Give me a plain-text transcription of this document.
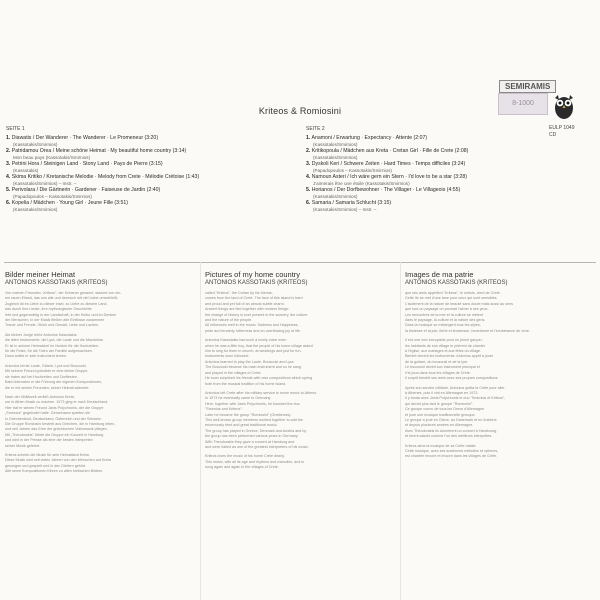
Kriteos & Romiosini
SEMIRAMIS
8-1000
EULP 1049
CD
SEITE 1
1. Diawatis / Der Wanderer · The Wanderer · Le Promeneur (3:20)
(Kassotakis/Smirnios)
2. Patridamou Orea / Meine schöne Heimat · My beautiful home country (3:14)
Mon beau pays (Kassotakis/Smirnios)
3. Petrini Hora / Steinigen Land · Stony Land · Pays de Pierre (3:15)
(Kassotakis)
4. Skima Kritiko / Kretanische Melodie · Melody from Crete · Mélodie Crétoise (1:43)
(Kassotakis/Smirnios) – Instr. –
5. Perivolara / Die Gärtnerin · Gardener · Faiseuse de Jardin (2:40)
(Papadopoulos – Kassotakis/Smirnios)
6. Kopelia / Mädchen · Young Girl · Jeune Fille (3:51)
(Kassotakis/Smirnios)
SEITE 2
1. Anamoni / Erwartung · Expectancy · Attente (2:07)
(Kassotakis/Smirnios)
2. Kritikopoula / Mädchen aus Kreta · Cretan Girl · Fille de Crete (2:08)
(Kassotakis/Smirnios)
3. Dyskoli Keri / Schwere Zeiten · Hard Times · Temps difficiles (3:24)
(Papadopoulos – Kassotakis/Smirnios)
4. Namoun Asteri / Ich wäre gern ein Stern · I'd love to be a star (3:28)
J'aimerais être une étoile (Kassotakis/Smirnios)
5. Horianos / Der Dorfbewohner · The Villager · Le Villageois (4:55)
(Kassotakis/Smirnios)
6. Samaria / Samaria Schlucht (3:15)
(Kassotakis/Smirnios) – Instr. –
Bilder meiner Heimat
ANTONIOS KASSOTAKIS (KRITEOS)
Von meinen Freunden „Kriteos", der Kretaner genannt, stammt von ein-
em rauen Eiland, das uns alle und dennoch mit viel Liebe umschließt.
Zugleich ist es Liebe zu dieser Insel, zu Liebe zu diesem Land,
das durch ihre Lieder, ihre mythologische Geschichte
lebt und gegenwärtig in der Landschaft, in der Kultur und im Denken
der Menschen, in der Musik fließen alle Einflüsse zusammen
Trauer und Freude, Glück und Gewalt, Liebe und Lachen.
Als kleiner Junge hörte Antonios Kassotakis
die alten Instrumente, die Lyra, die Laute und die Mandoline.
Er ist in seinem Heimatdorf im Norden für die Hochzeiten,
für die Feste, für die Toten der Familie aufgewachsen.
Dann wollte er sein Instrument lernen.
Antonios lernte Laute, Gitarre, Lyra und Bouzouki.
Mit seinem Freund gründete er eine kleine Gruppe,
sie traten auf bei Hochzeiten und Dorffesten.
Bald übernahm er die Führung der eigenen Kompositionen,
die er mit seinen Freunden, seiner Heimat widmete.
Nach der Militärzeit verließ Antonios Kreta,
um in Athen Musik zu machen. 1973 ging er nach Deutschland.
Hier traf er seinen Freund Janis Polychronis, der die Gruppe
„Smirnios" gegründet hatte. Gemeinsam spielten sie
in Griechenland, Deutschland, Österreich und der Schweiz.
Die Gruppe Romiosini besteht aus Griechen, die in Hamburg leben,
und seit Jahren das Erbe der griechischen Volksmusik pflegen.
Mit „Theodorakis" führte die Gruppe ein Konzert in Hamburg
und wird in der Presse als eine der besten Interpreten
seiner Musik gefeiert.
Kriteos schrieb die Musik für sein Heimatland Kreta.
Diese Musik wird seit vielen Jahren von den Menschen auf Kreta
gesungen und gespielt und in den Dörfern gehört.
Alle seine Kompositionen führen zu alten kretischen Bildern.
Pictures of my home country
ANTONIOS KASSOTAKIS (KRITEOS)
called "Kriteos", the Cretan by his friends,
comes from the land of Crete. The face of this island is hard
and proud and yet full of an almost subtle charm.
Ancient things are tied together with modern things:
the change of history is ever present in the scenery, the culture
and the nature of the people.
All influences melt in the music: Sadness and Happiness,
pride and tenderly, bitterness and an overflowing joy of life.
Antonios Kassotakis had such a lovely voice even
when he was a little boy, that the people of his home village asked
him to sing for them in church, at weddings and just for fun.
Instruments soon followed:
Antonios learned to play the Laute, Bouzouki and Lyra.
The Bouzouki became his main instrument and so he sang
and played in the villages of Crete.
He soon surprised his friends with own compositions which spring
both from the musical tradition of his home island.
Antonios left Crete after his military service to move music to Athens.
In 1973 he eventually came to Germany.
Here, together with Janis Polychronis, he founded the duo
"Smirnios and Kriteos".
Later he became the group "Romiosini" (Greekness).
This well-known group members worked together to add the
enormously tried and great traditional music.
The group has played in Greece, Denmark and Austria and by
the group has been performed various years in Germany.
With Theodorakis they gave a concert at Hamburg and
and were hailed as one of the greatest interpreters of his music.
Kriteos loves the music of his home Crete dearly.
This music, with all its age and rhythms and melodies, and is
sung again and again in the villages of Crete.
Images de ma patrie
ANTONIOS KASSOTAKIS (KRITEOS)
que ses amis appellent "Kriteos", le crétois, vient de Crète.
Cette île se met d'une âme pour ceux qui sont sensibles.
L'isolement de la nature de beauté sans doute mais aussi au sens
que tout un paysage on pourrait l'aimer à ses yeux.
Les rencontres de la mer et la culture se mêlent
dans le paysage, la culture et la nature des gens.
Dans la musique se mélangent tous les styles,
la tristesse et la joie, fierté et tendresse, l'amertume et l'exubérance de vivre.
Il eut une voix incroyable pour un jeune garçon;
les habitants de son village le prièrent de chanter
à l'église, aux mariages et aux fêtes du village.
Bientôt vinrent les instruments: Antonios apprit à jouer
de la guitare, du bouzouki et de la lyre.
Le bouzouki devint son instrument principal et
il le joua dans tous les villages de Crète.
Il surprit bientôt ses amis avec ses propres compositions.
Après son service militaire, Antonios quitta la Crète pour aller
à Athènes, puis il vint en Allemagne en 1973.
Il y fonda avec Janis Polychronis le duo "Smirnios et Kriteos",
qui devint plus tard le groupe "Romiosini".
Ce groupe connu de tous les Grecs d'Allemagne
et joue une musique traditionnelle grecque.
Le groupe a joué en Grèce, au Danemark et en Autriche
et depuis plusieurs années en Allemagne.
Avec Théodorakis ils donnèrent un concert à Hambourg,
et furent salués comme l'un des meilleurs interprètes.
Kriteos aime la musique de sa Crète natale.
Cette musique, avec ses anciennes mélodies et rythmes,
est chantée encore et encore dans les villages de Crète.
